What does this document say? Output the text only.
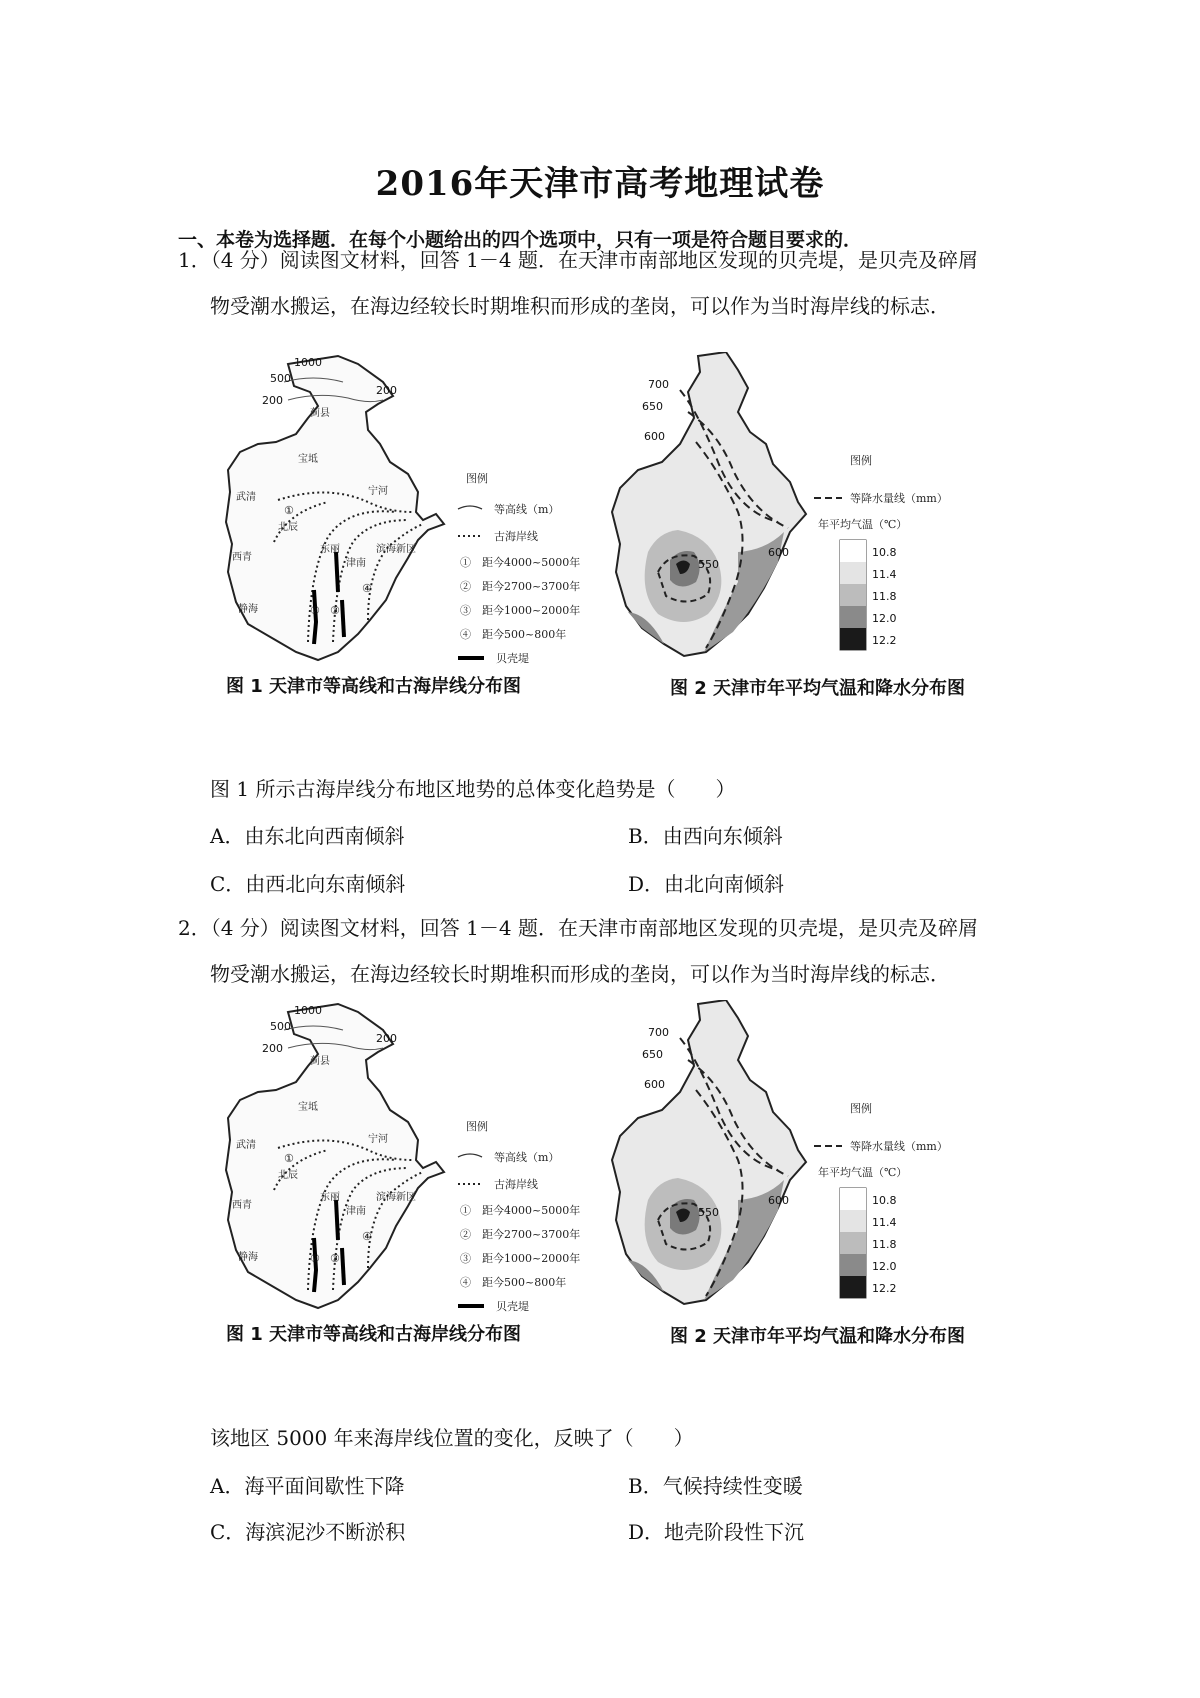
2016年天津市高考地理试卷
一、本卷为选择题．在每个小题给出的四个选项中，只有一项是符合题目要求的．
1．（4 分）阅读图文材料，回答 1－4 题．在天津市南部地区发现的贝壳堤，是贝壳及碎屑
物受潮水搬运，在海边经较长时期堆积而形成的垄岗，可以作为当时海岸线的标志．
1000
500
200
200
蓟县
宝坻
武清
宁河
北辰
东丽
津南
西青
静海
滨海新区
①
② ③
④
图例
等高线（m）
古海岸线
①　距今4000~5000年
②　距今2700~3700年
③　距今1000~2000年
④　距今500~800年
贝壳堤
700
650
600
600
550
图例
等降水量线（mm）
年平均气温（℃）
10.8
11.4
11.8
12.0
12.2
图 1 天津市等高线和古海岸线分布图	图 2 天津市年平均气温和降水分布图
图 1 所示古海岸线分布地区地势的总体变化趋势是（　　）
A．由东北向西南倾斜	B．由西向东倾斜
C．由西北向东南倾斜	D．由北向南倾斜
2．（4 分）阅读图文材料，回答 1－4 题．在天津市南部地区发现的贝壳堤，是贝壳及碎屑
物受潮水搬运，在海边经较长时期堆积而形成的垄岗，可以作为当时海岸线的标志．
1000
500
200
200
蓟县
宝坻
武清
宁河
北辰
东丽
津南
西青
静海
滨海新区
①
② ③
④
图例
等高线（m）
古海岸线
①　距今4000~5000年
②　距今2700~3700年
③　距今1000~2000年
④　距今500~800年
贝壳堤
700
650
600
600
550
图例
等降水量线（mm）
年平均气温（℃）
10.8
11.4
11.8
12.0
12.2
图 1 天津市等高线和古海岸线分布图	图 2 天津市年平均气温和降水分布图
该地区 5000 年来海岸线位置的变化，反映了（　　）
A．海平面间歇性下降	B．气候持续性变暖
C．海滨泥沙不断淤积	D．地壳阶段性下沉
